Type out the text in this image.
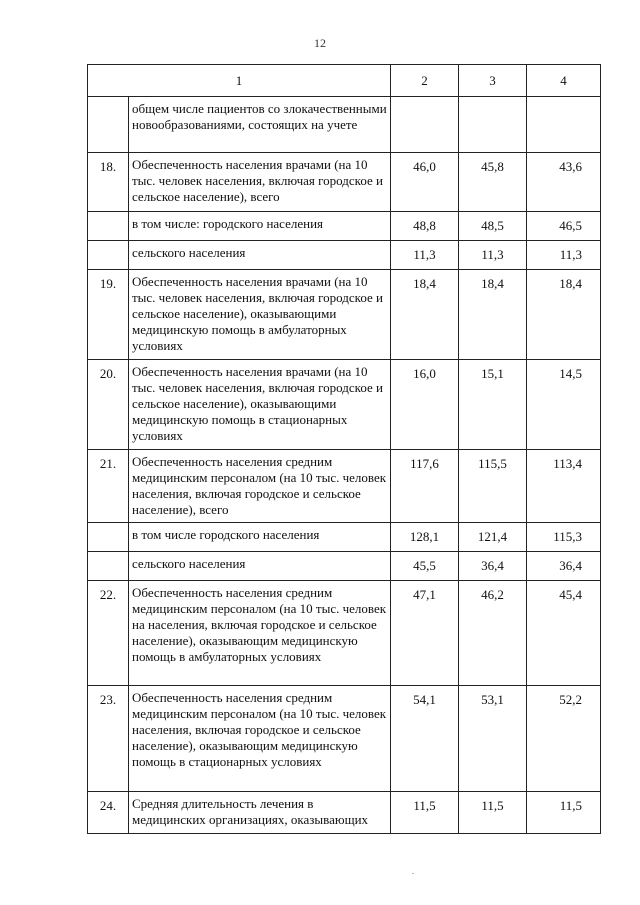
12
1		2	3	4
	общем числе пациентов со злокачественными новообразованиями, состоящих на учете			
18.	Обеспеченность населения врачами (на 10 тыс. человек населения, включая городское и сельское население), всего	46,0	45,8	43,6
	в том числе: городского населения	48,8	48,5	46,5
	сельского населения	11,3	11,3	11,3
19.	Обеспеченность населения врачами (на 10 тыс. человек населения, включая городское и сельское население), оказывающими медицинскую помощь в амбулаторных условиях	18,4	18,4	18,4
20.	Обеспеченность населения врачами (на 10 тыс. человек населения, включая городское и сельское население), оказывающими медицинскую помощь в стационарных условиях	16,0	15,1	14,5
21.	Обеспеченность населения средним медицинским персоналом (на 10 тыс. человек населения, включая городское и сельское население), всего	117,6	115,5	113,4
	в том числе городского населения	128,1	121,4	115,3
	сельского населения	45,5	36,4	36,4
22.	Обеспеченность населения средним медицинским персоналом (на 10 тыс. человек на населения, включая городское и сельское население), оказывающим медицинскую помощь в амбулаторных условиях	47,1	46,2	45,4
23.	Обеспеченность населения средним медицинским персоналом (на 10 тыс. человек населения, включая городское и сельское население), оказывающим медицинскую помощь в стационарных условиях	54,1	53,1	52,2
24.	Средняя длительность лечения в медицинских организациях, оказывающих	11,5	11,5	11,5
